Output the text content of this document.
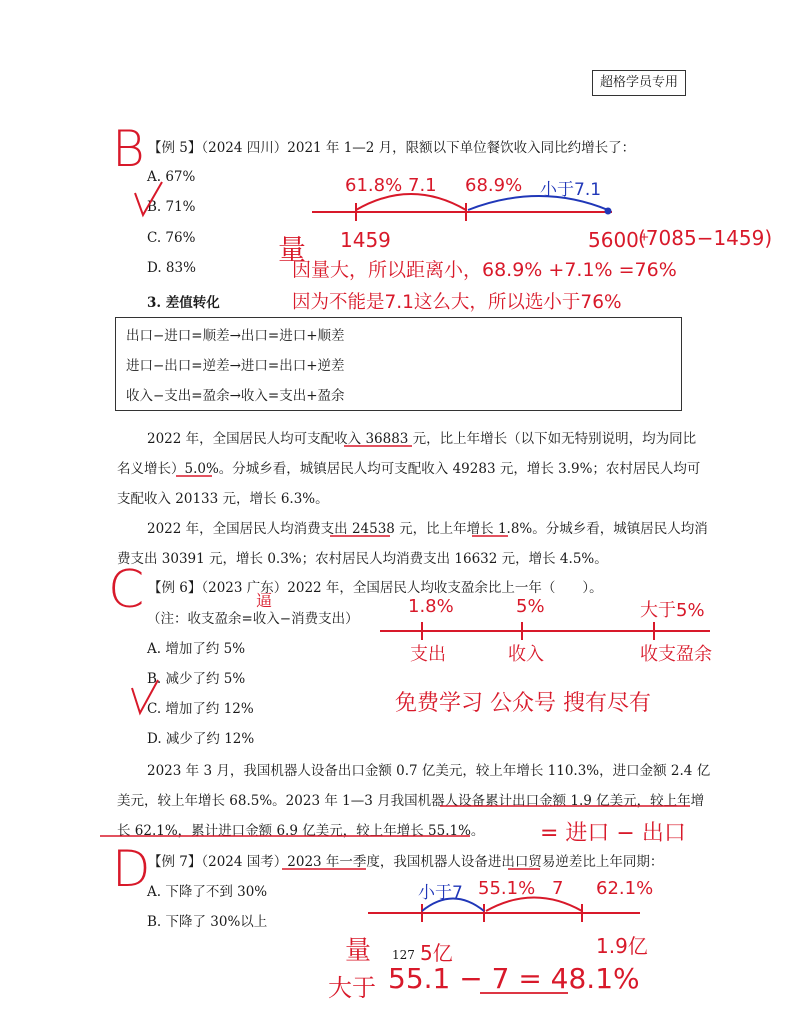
超格学员专用
B 【例 5】（2024 四川）2021 年 1—2 月，限额以下单位餐饮收入同比约增长了：
A. 67%
B. 71%
C. 76%
D. 83%
61.8% 7.1 68.9% 小于7.1
量 1459	5600⁺
(7085−1459)
因量大，所以距离小，68.9% +7.1% =76%
因为不能是7.1这么大，所以选小于76%
3. 差值转化
出口−进口=顺差→出口=进口+顺差
进口−出口=逆差→进口=出口+逆差
收入−支出=盈余→收入=支出+盈余
2022 年，全国居民人均可支配收入 36883 元，比上年增长（以下如无特别说明，均为同比
名义增长）5.0%。分城乡看，城镇居民人均可支配收入 49283 元，增长 3.9%；农村居民人均可
支配收入 20133 元，增长 6.3%。
2022 年，全国居民人均消费支出 24538 元，比上年增长 1.8%。分城乡看，城镇居民人均消
费支出 30391 元，增长 0.3%；农村居民人均消费支出 16632 元，增长 4.5%。
C 【例 6】（2023 广东）2022 年，全国居民人均收支盈余比上一年（　　）。
逼
（注：收支盈余=收入−消费支出）
A. 增加了约 5%
B. 减少了约 5%
C. 增加了约 12%
D. 减少了约 12%
1.8%	5%	大于5%
支出	收入	收支盈余
免费学习 公众号 搜有尽有
2023 年 3 月，我国机器人设备出口金额 0.7 亿美元，较上年增长 110.3%，进口金额 2.4 亿
美元，较上年增长 68.5%。2023 年 1—3 月我国机器人设备累计出口金额 1.9 亿美元，较上年增
长 62.1%，累计进口金额 6.9 亿美元，较上年增长 55.1%。	= 进口 − 出口
D
【例 7】（2024 国考）2023 年一季度，我国机器人设备进出口贸易逆差比上年同期：
A. 下降了不到 30%
B. 下降了 30%以上
小于7 55.1% 7 62.1%
量 5亿	1.9亿
大于 55.1 − 7 = 48.1%
127
